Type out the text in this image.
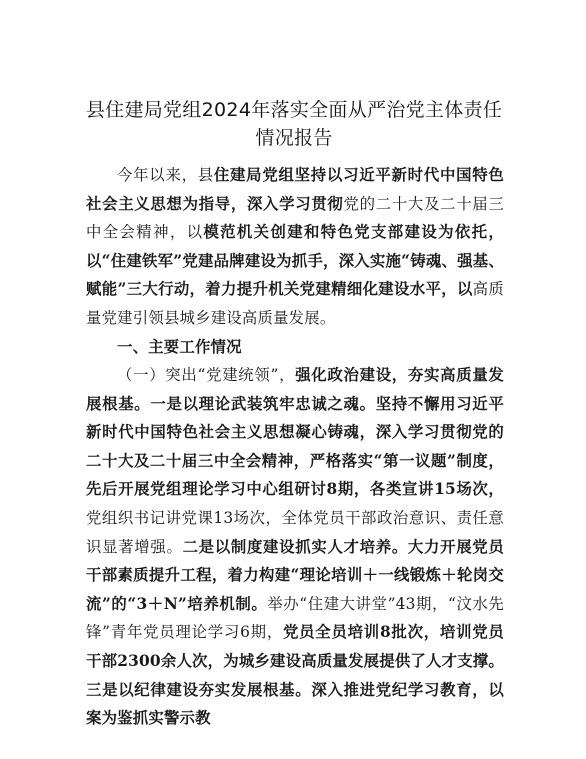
县住建局党组2024年落实全面从严治党主体责任情况报告

今年以来，县住建局党组坚持以习近平新时代中国特色社会主义思想为指导，深入学习贯彻党的二十大及二十届三中全会精神，以模范机关创建和特色党支部建设为依托，以“住建铁军”党建品牌建设为抓手，深入实施“铸魂、强基、赋能”三大行动，着力提升机关党建精细化建设水平，以高质量党建引领县城乡建设高质量发展。

一、主要工作情况

（一）突出“党建统领”，强化政治建设，夯实高质量发展根基。一是以理论武装筑牢忠诚之魂。坚持不懈用习近平新时代中国特色社会主义思想凝心铸魂，深入学习贯彻党的二十大及二十届三中全会精神，严格落实“第一议题”制度，先后开展党组理论学习中心组研讨8期，各类宣讲15场次，党组织书记讲党课13场次，全体党员干部政治意识、责任意识显著增强。二是以制度建设抓实人才培养。大力开展党员干部素质提升工程，着力构建“理论培训＋一线锻炼＋轮岗交流”的“3＋N”培养机制。举办“住建大讲堂”43期，“汶水先锋”青年党员理论学习6期，党员全员培训8批次，培训党员干部2300余人次，为城乡建设高质量发展提供了人才支撑。三是以纪律建设夯实发展根基。深入推进党纪学习教育，以案为鉴抓实警示教
